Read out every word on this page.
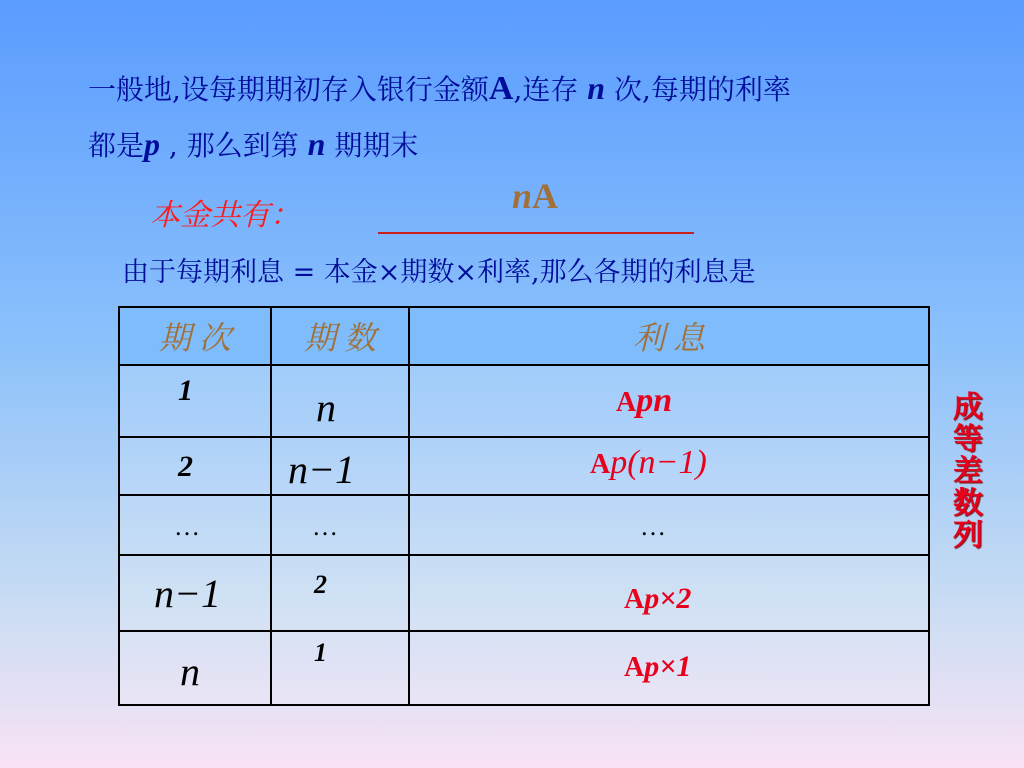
一般地,设每期期初存入银行金额A,连存 n 次,每期的利率
都是p , 那么到第 n 期期末
本金共有：	nA
由于每期利息 = 本金×期数×利率,那么各期的利息是
期 次	期 数	利 息

1	n	Apn

2	n−1	Ap(n−1)

…	…	…

n−1	2	Ap×2

n	1	Ap×1
成等差数列
